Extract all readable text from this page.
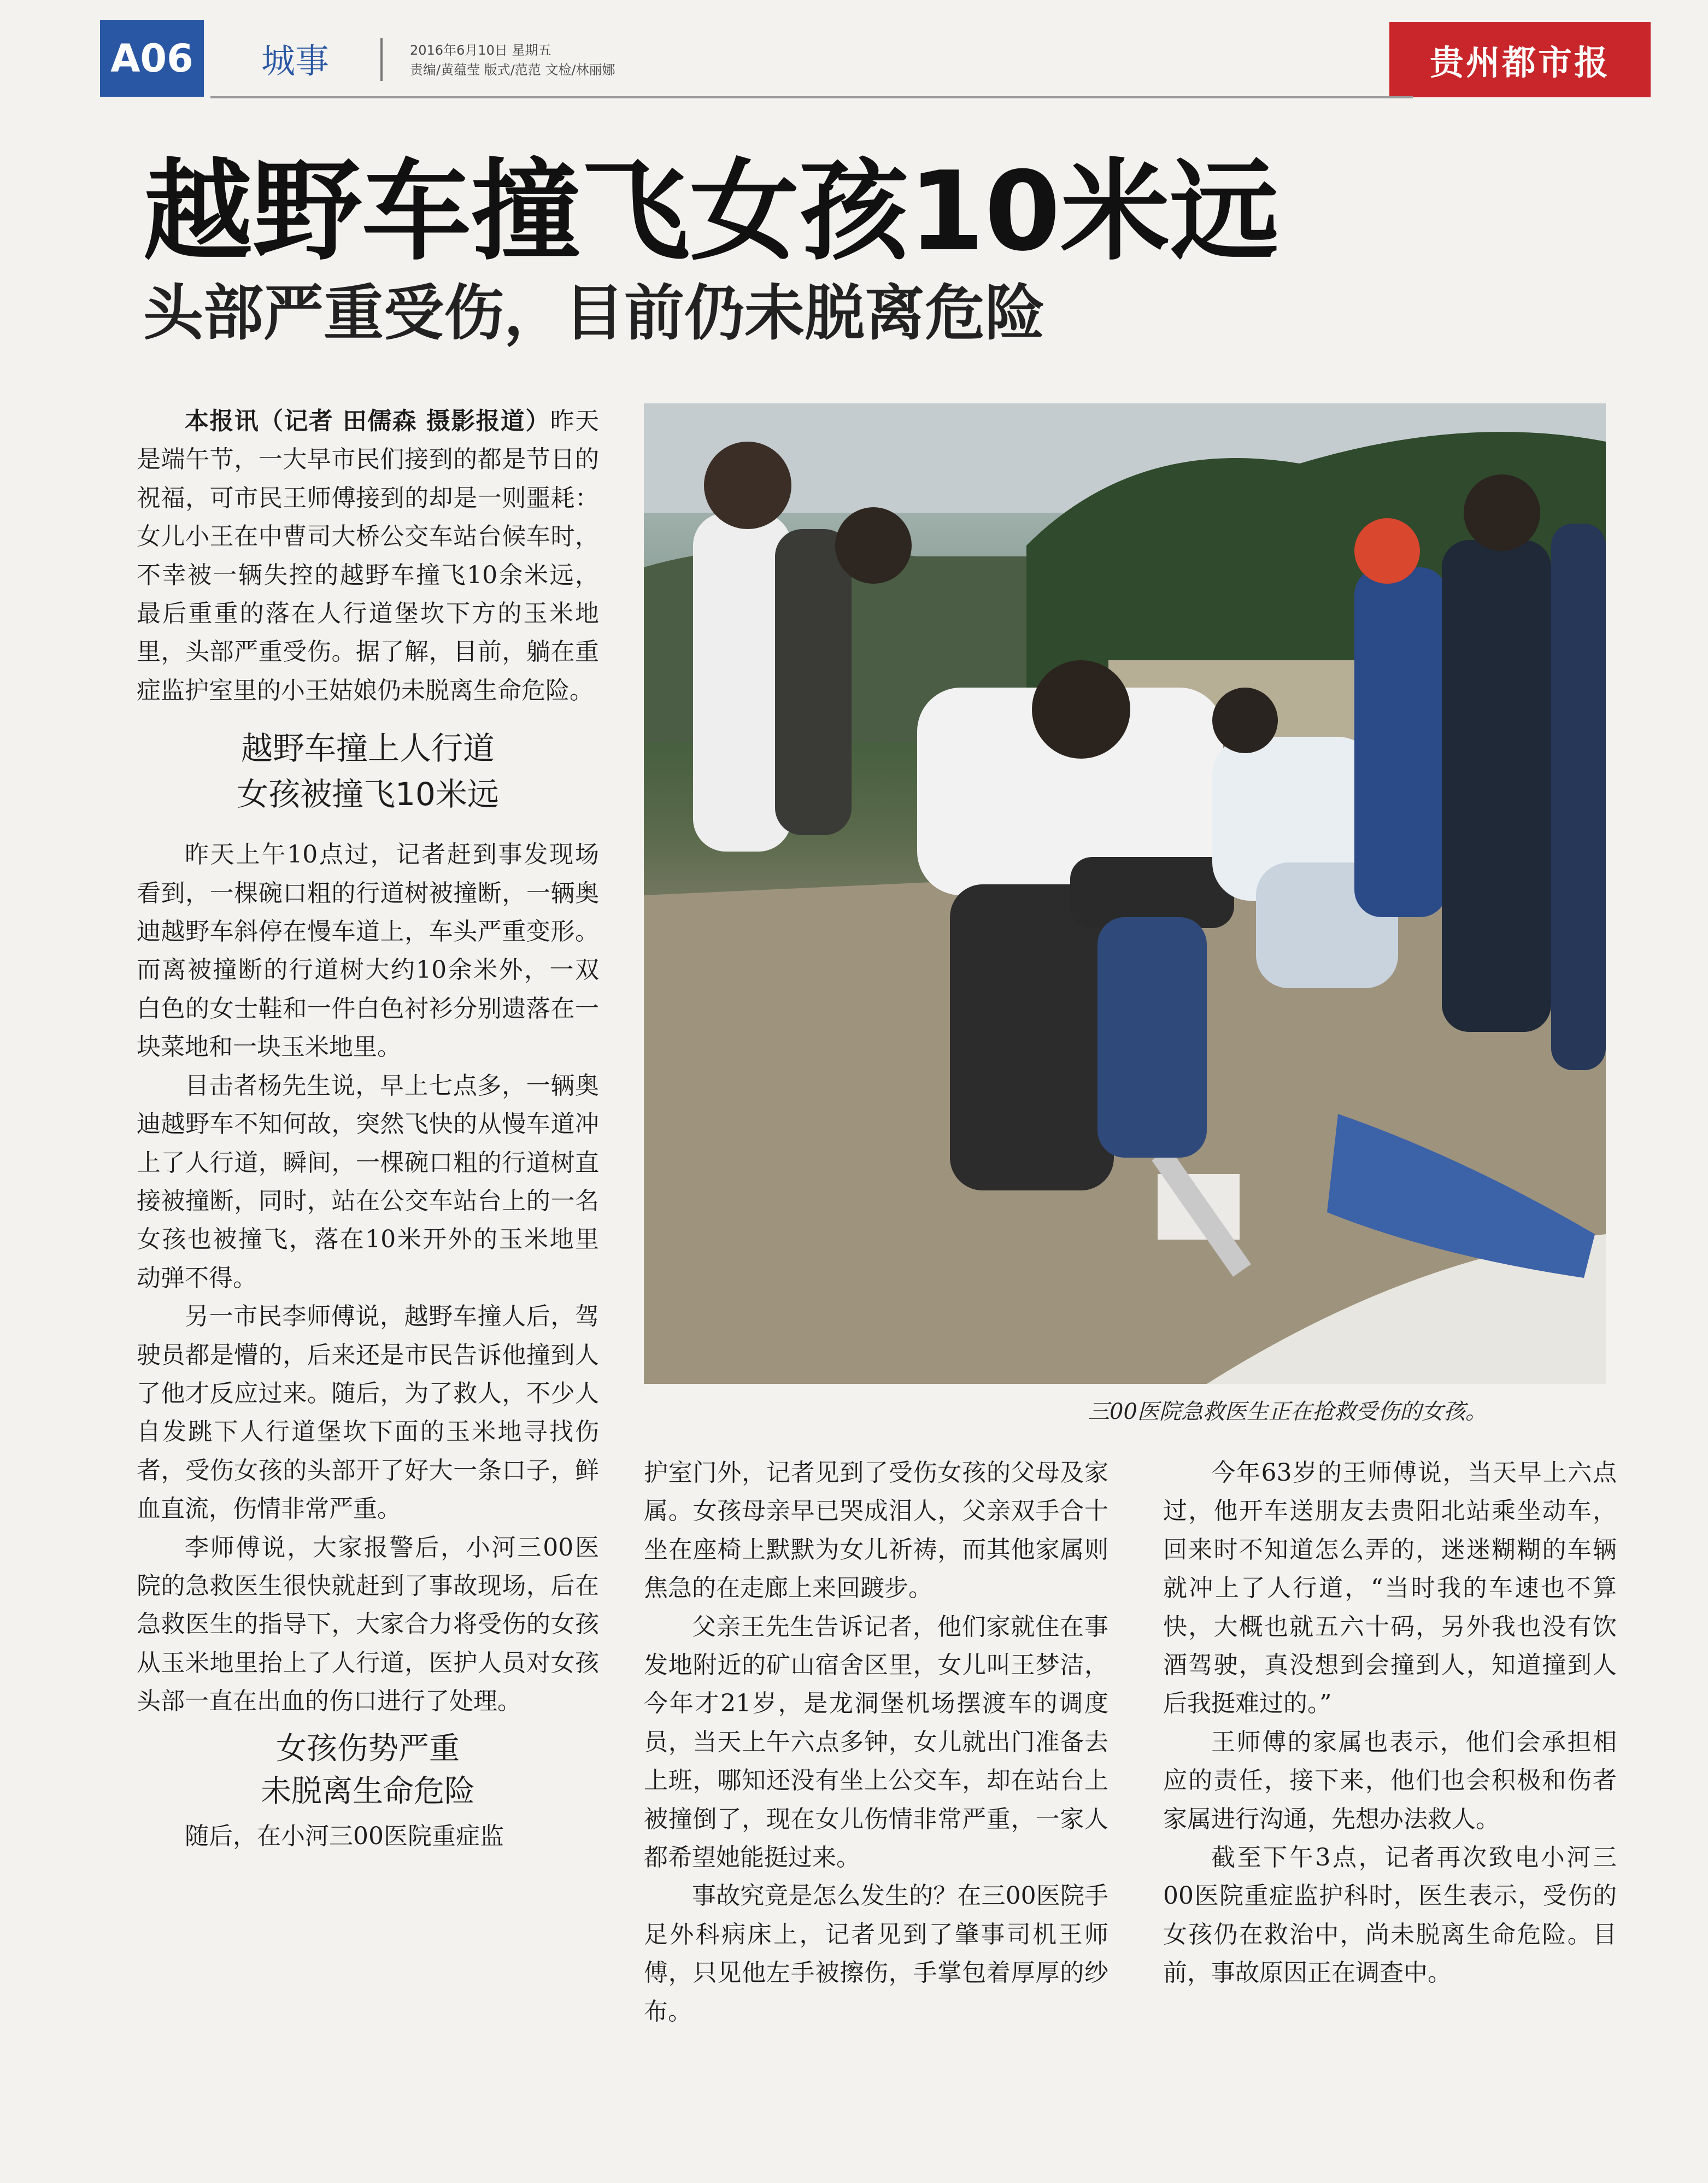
A06	城事	2016年6月10日 星期五
责编/黄蕴莹 版式/范范 文检/林丽娜	贵州都市报
越野车撞飞女孩10米远
头部严重受伤，目前仍未脱离危险

本报讯（记者 田儒森 摄影报道）昨天是端午节，一大早市民们接到的都是节日的祝福，可市民王师傅接到的却是一则噩耗：女儿小王在中曹司大桥公交车站台候车时，不幸被一辆失控的越野车撞飞10余米远，最后重重的落在人行道堡坎下方的玉米地里，头部严重受伤。据了解，目前，躺在重症监护室里的小王姑娘仍未脱离生命危险。

越野车撞上人行道
女孩被撞飞10米远

昨天上午10点过，记者赶到事发现场看到，一棵碗口粗的行道树被撞断，一辆奥迪越野车斜停在慢车道上，车头严重变形。而离被撞断的行道树大约10余米外，一双白色的女士鞋和一件白色衬衫分别遗落在一块菜地和一块玉米地里。

目击者杨先生说，早上七点多，一辆奥迪越野车不知何故，突然飞快的从慢车道冲上了人行道，瞬间，一棵碗口粗的行道树直接被撞断，同时，站在公交车站台上的一名女孩也被撞飞，落在10米开外的玉米地里动弹不得。

另一市民李师傅说，越野车撞人后，驾驶员都是懵的，后来还是市民告诉他撞到人了他才反应过来。随后，为了救人，不少人自发跳下人行道堡坎下面的玉米地寻找伤者，受伤女孩的头部开了好大一条口子，鲜血直流，伤情非常严重。

李师傅说，大家报警后，小河三00医院的急救医生很快就赶到了事故现场，后在急救医生的指导下，大家合力将受伤的女孩从玉米地里抬上了人行道，医护人员对女孩头部一直在出血的伤口进行了处理。

女孩伤势严重
未脱离生命危险

随后，在小河三00医院重症监

三00医院急救医生正在抢救受伤的女孩。

护室门外，记者见到了受伤女孩的父母及家属。女孩母亲早已哭成泪人，父亲双手合十坐在座椅上默默为女儿祈祷，而其他家属则焦急的在走廊上来回踱步。

父亲王先生告诉记者，他们家就住在事发地附近的矿山宿舍区里，女儿叫王梦洁，今年才21岁，是龙洞堡机场摆渡车的调度员，当天上午六点多钟，女儿就出门准备去上班，哪知还没有坐上公交车，却在站台上被撞倒了，现在女儿伤情非常严重，一家人都希望她能挺过来。

事故究竟是怎么发生的？在三00医院手足外科病床上，记者见到了肇事司机王师傅，只见他左手被擦伤，手掌包着厚厚的纱布。

今年63岁的王师傅说，当天早上六点过，他开车送朋友去贵阳北站乘坐动车，回来时不知道怎么弄的，迷迷糊糊的车辆就冲上了人行道，“当时我的车速也不算快，大概也就五六十码，另外我也没有饮酒驾驶，真没想到会撞到人，知道撞到人后我挺难过的。”

王师傅的家属也表示，他们会承担相应的责任，接下来，他们也会积极和伤者家属进行沟通，先想办法救人。

截至下午3点，记者再次致电小河三00医院重症监护科时，医生表示，受伤的女孩仍在救治中，尚未脱离生命危险。目前，事故原因正在调查中。
